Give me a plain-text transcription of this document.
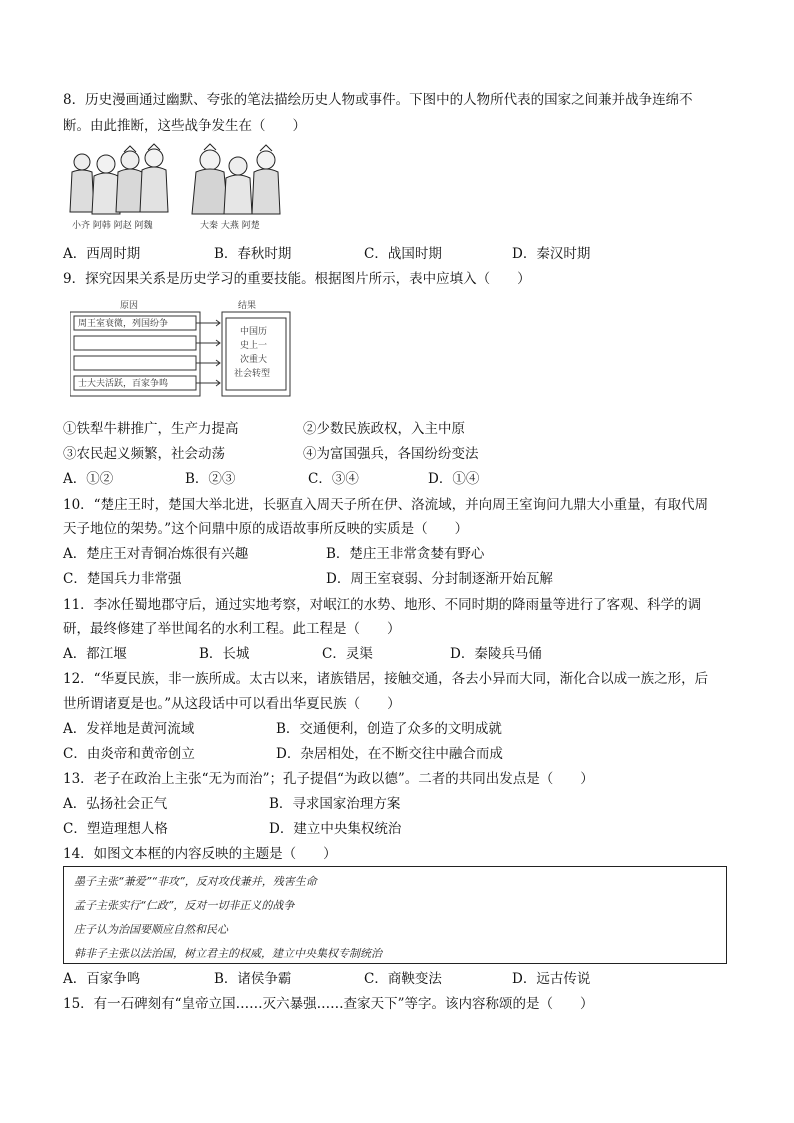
8．历史漫画通过幽默、夸张的笔法描绘历史人物或事件。下图中的人物所代表的国家之间兼并战争连绵不
断。由此推断，这些战争发生在（　　）
小齐 阿韩 阿赵 阿魏	大秦 大燕 阿楚
A．西周时期	B．春秋时期	C．战国时期	D．秦汉时期
9．探究因果关系是历史学习的重要技能。根据图片所示，表中应填入（　　）
原因	结果
周王室衰微，列国纷争
士大夫活跃，百家争鸣
中国历
史上一
次重大
社会转型
①铁犁牛耕推广，生产力提高	②少数民族政权，入主中原
③农民起义频繁，社会动荡	④为富国强兵，各国纷纷变法
A．①②	B．②③	C．③④	D．①④
10．“楚庄王时，楚国大举北进，长驱直入周天子所在伊、洛流域，并向周王室询问九鼎大小重量，有取代周
天子地位的架势。”这个问鼎中原的成语故事所反映的实质是（　　）
A．楚庄王对青铜冶炼很有兴趣	B．楚庄王非常贪婪有野心
C．楚国兵力非常强	D．周王室衰弱、分封制逐渐开始瓦解
11．李冰任蜀地郡守后，通过实地考察，对岷江的水势、地形、不同时期的降雨量等进行了客观、科学的调
研，最终修建了举世闻名的水利工程。此工程是（　　）
A．都江堰	B．长城	C．灵渠	D．秦陵兵马俑
12．“华夏民族，非一族所成。太古以来，诸族错居，接触交通，各去小异而大同，渐化合以成一族之形，后
世所谓诸夏是也。”从这段话中可以看出华夏民族（　　）
A．发祥地是黄河流域	B．交通便利，创造了众多的文明成就
C．由炎帝和黄帝创立	D．杂居相处，在不断交往中融合而成
13．老子在政治上主张“无为而治”；孔子提倡“为政以德”。二者的共同出发点是（　　）
A．弘扬社会正气	B．寻求国家治理方案
C．塑造理想人格	D．建立中央集权统治
14．如图文本框的内容反映的主题是（　　）
墨子主张“兼爱”“非攻”，反对攻伐兼并，残害生命
孟子主张实行“仁政”，反对一切非正义的战争
庄子认为治国要顺应自然和民心
韩非子主张以法治国，树立君主的权威，建立中央集权专制统治
A．百家争鸣	B．诸侯争霸	C．商鞅变法	D．远古传说
15．有一石碑刻有“皇帝立国……灭六暴强……查家天下”等字。该内容称颂的是（　　）
